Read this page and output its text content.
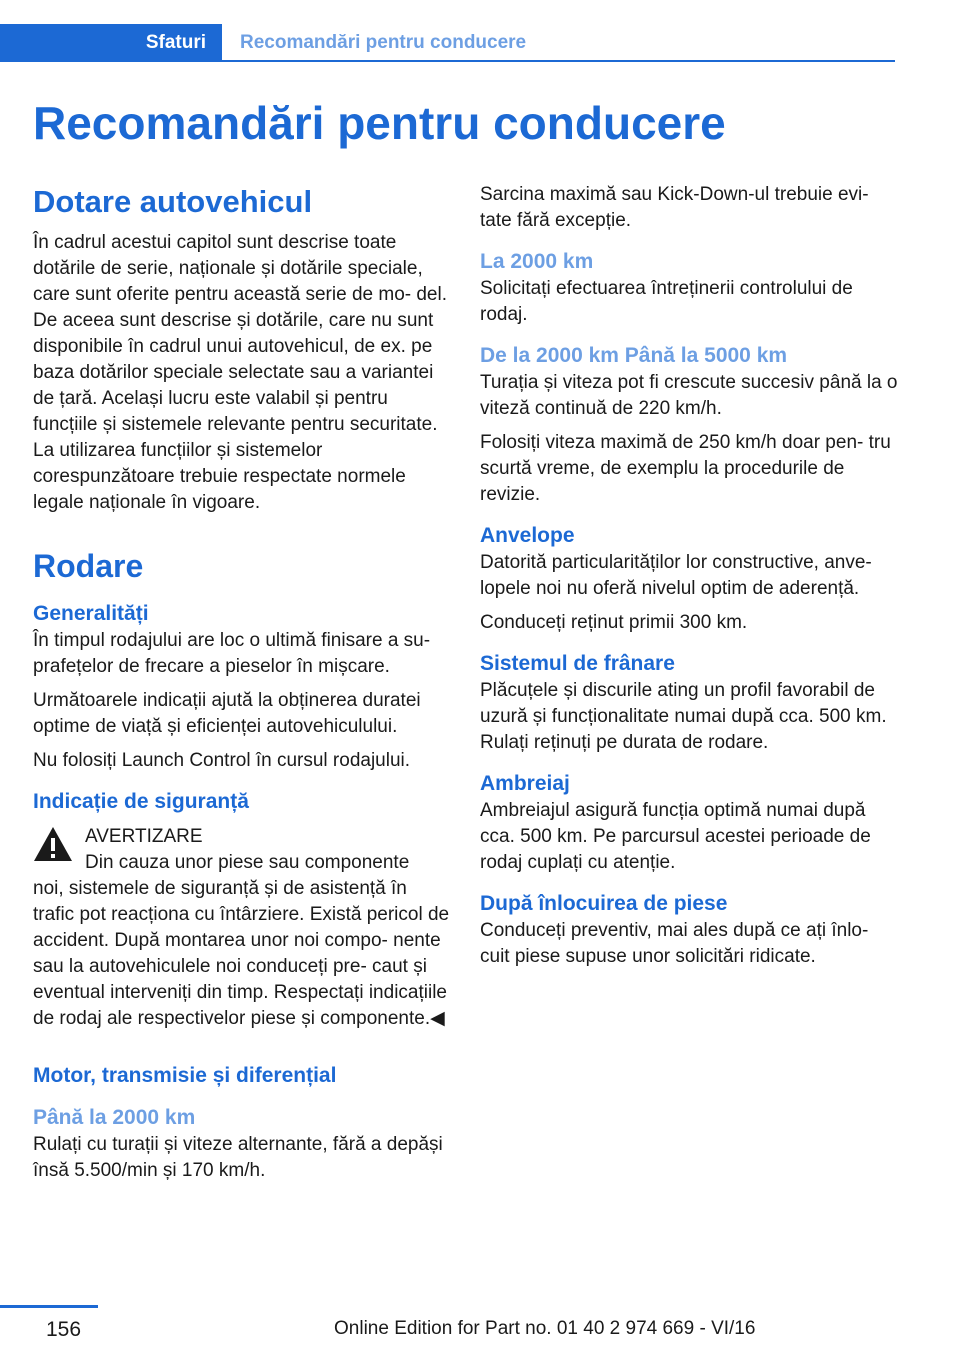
Sfaturi Recomandări pentru conducere
Recomandări pentru conducere
Dotare autovehicul

În cadrul acestui capitol sunt descrise toate dotările de serie, naționale și dotările speciale, care sunt oferite pentru această serie de mo‐ del. De aceea sunt descrise și dotările, care nu sunt disponibile în cadrul unui autovehicul, de ex. pe baza dotărilor speciale selectate sau a variantei de țară. Același lucru este valabil și pentru funcțiile și sistemele relevante pentru securitate. La utilizarea funcțiilor și sistemelor corespunzătoare trebuie respectate normele legale naționale în vigoare.

Rodare
Generalități

În timpul rodajului are loc o ultimă finisare a su‐ prafețelor de frecare a pieselor în mișcare.

Următoarele indicații ajută la obținerea duratei optime de viață și eficienței autovehiculului.

Nu folosiți Launch Control în cursul rodajului.

Indicație de siguranță

AVERTIZARE

Din cauza unor piese sau componente

noi, sistemele de siguranță și de asistență în trafic pot reacționa cu întârziere. Există pericol de accident. După montarea unor noi compo‐ nente sau la autovehiculele noi conduceți pre‐ caut și eventual interveniți din timp. Respectați indicațiile de rodaj ale respectivelor piese și componente.◀

Motor, transmisie și diferențial
Până la 2000 km

Rulați cu turații și viteze alternante, fără a depăși însă 5.500/min și 170 km/h.

Sarcina maximă sau Kick-Down-ul trebuie evi‐ tate fără excepție.

La 2000 km

Solicitați efectuarea întreținerii controlului de rodaj.

De la 2000 km Până la 5000 km

Turația și viteza pot fi crescute succesiv până la o viteză continuă de 220 km/h.

Folosiți viteza maximă de 250 km/h doar pen‐ tru scurtă vreme, de exemplu la procedurile de revizie.

Anvelope

Datorită particularităților lor constructive, anve‐ lopele noi nu oferă nivelul optim de aderență.

Conduceți reținut primii 300 km.

Sistemul de frânare

Plăcuțele și discurile ating un profil favorabil de uzură și funcționalitate numai după cca. 500 km. Rulați reținuți pe durata de rodare.

Ambreiaj

Ambreiajul asigură funcția optimă numai după cca. 500 km. Pe parcursul acestei perioade de rodaj cuplați cu atenție.

După înlocuirea de piese

Conduceți preventiv, mai ales după ce ați înlo‐ cuit piese supuse unor solicitări ridicate.

156	Online Edition for Part no. 01 40 2 974 669 - VI/16
